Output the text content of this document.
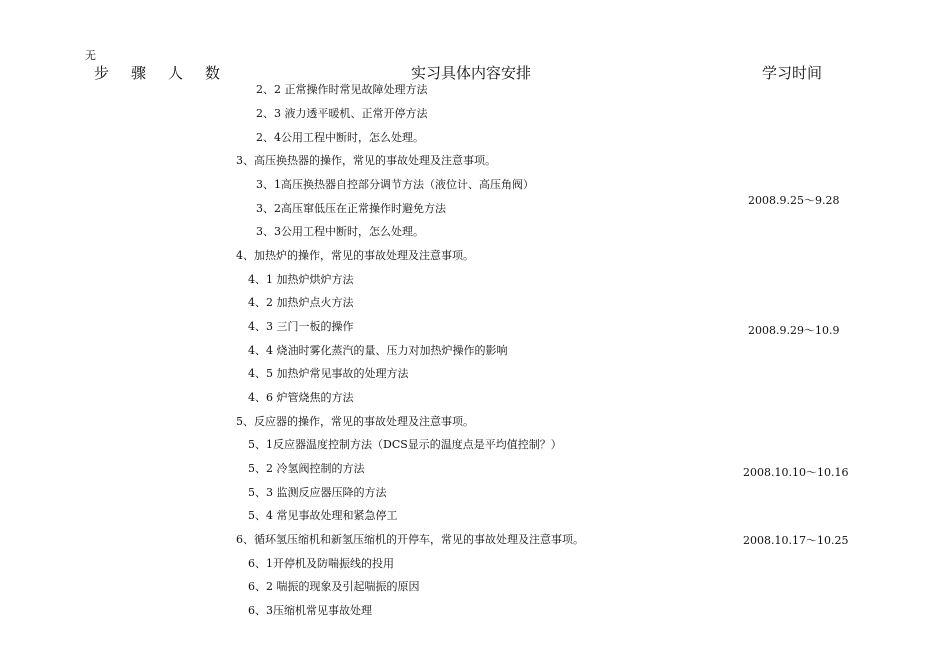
无
步 骤 人 数	实习具体内容安排	学习时间
2、2 正常操作时常见故障处理方法
2、3 液力透平暖机、正常开停方法
2、4公用工程中断时，怎么处理。
3、高压换热器的操作，常见的事故处理及注意事项。
3、1高压换热器自控部分调节方法（液位计、高压角阀）
3、2高压窜低压在正常操作时避免方法
3、3公用工程中断时，怎么处理。
4、加热炉的操作，常见的事故处理及注意事项。
4、1 加热炉烘炉方法
4、2 加热炉点火方法
4、3 三门一板的操作
4、4 烧油时雾化蒸汽的量、压力对加热炉操作的影响
4、5 加热炉常见事故的处理方法
4、6 炉管烧焦的方法
5、反应器的操作，常见的事故处理及注意事项。
5、1反应器温度控制方法（DCS显示的温度点是平均值控制？）
5、2 冷氢阀控制的方法
5、3 监测反应器压降的方法
5、4 常见事故处理和紧急停工
6、循环氢压缩机和新氢压缩机的开停车，常见的事故处理及注意事项。
6、1开停机及防喘振线的投用
6、2 喘振的现象及引起喘振的原因
6、3压缩机常见事故处理
2008.9.25～9.28
2008.9.29～10.9
2008.10.10～10.16
2008.10.17～10.25
